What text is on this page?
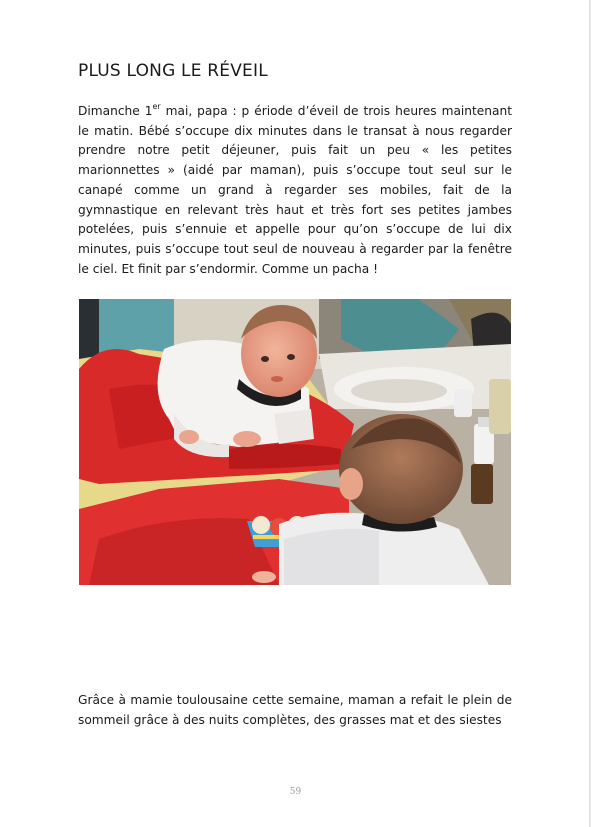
PLUS LONG LE RÉVEIL

Dimanche 1er mai, papa : p ériode d’éveil de trois heures maintenant le matin. Bébé s’occupe dix minutes dans le transat à nous regarder prendre notre petit déjeuner, puis fait un peu « les petites marionnettes » (aidé par maman), puis s’occupe tout seul sur le canapé comme un grand à regarder ses mobiles, fait de la gymnastique en relevant très haut et très fort ses petites jambes potelées, puis s’ennuie et appelle pour qu’on s’occupe de lui dix minutes, puis s’occupe tout seul de nouveau à regarder par la fenêtre le ciel. Et finit par s’endormir. Comme un pacha !

Grâce à mamie toulousaine cette semaine, maman a refait le plein de sommeil grâce à des nuits complètes, des grasses mat et des siestes

59
